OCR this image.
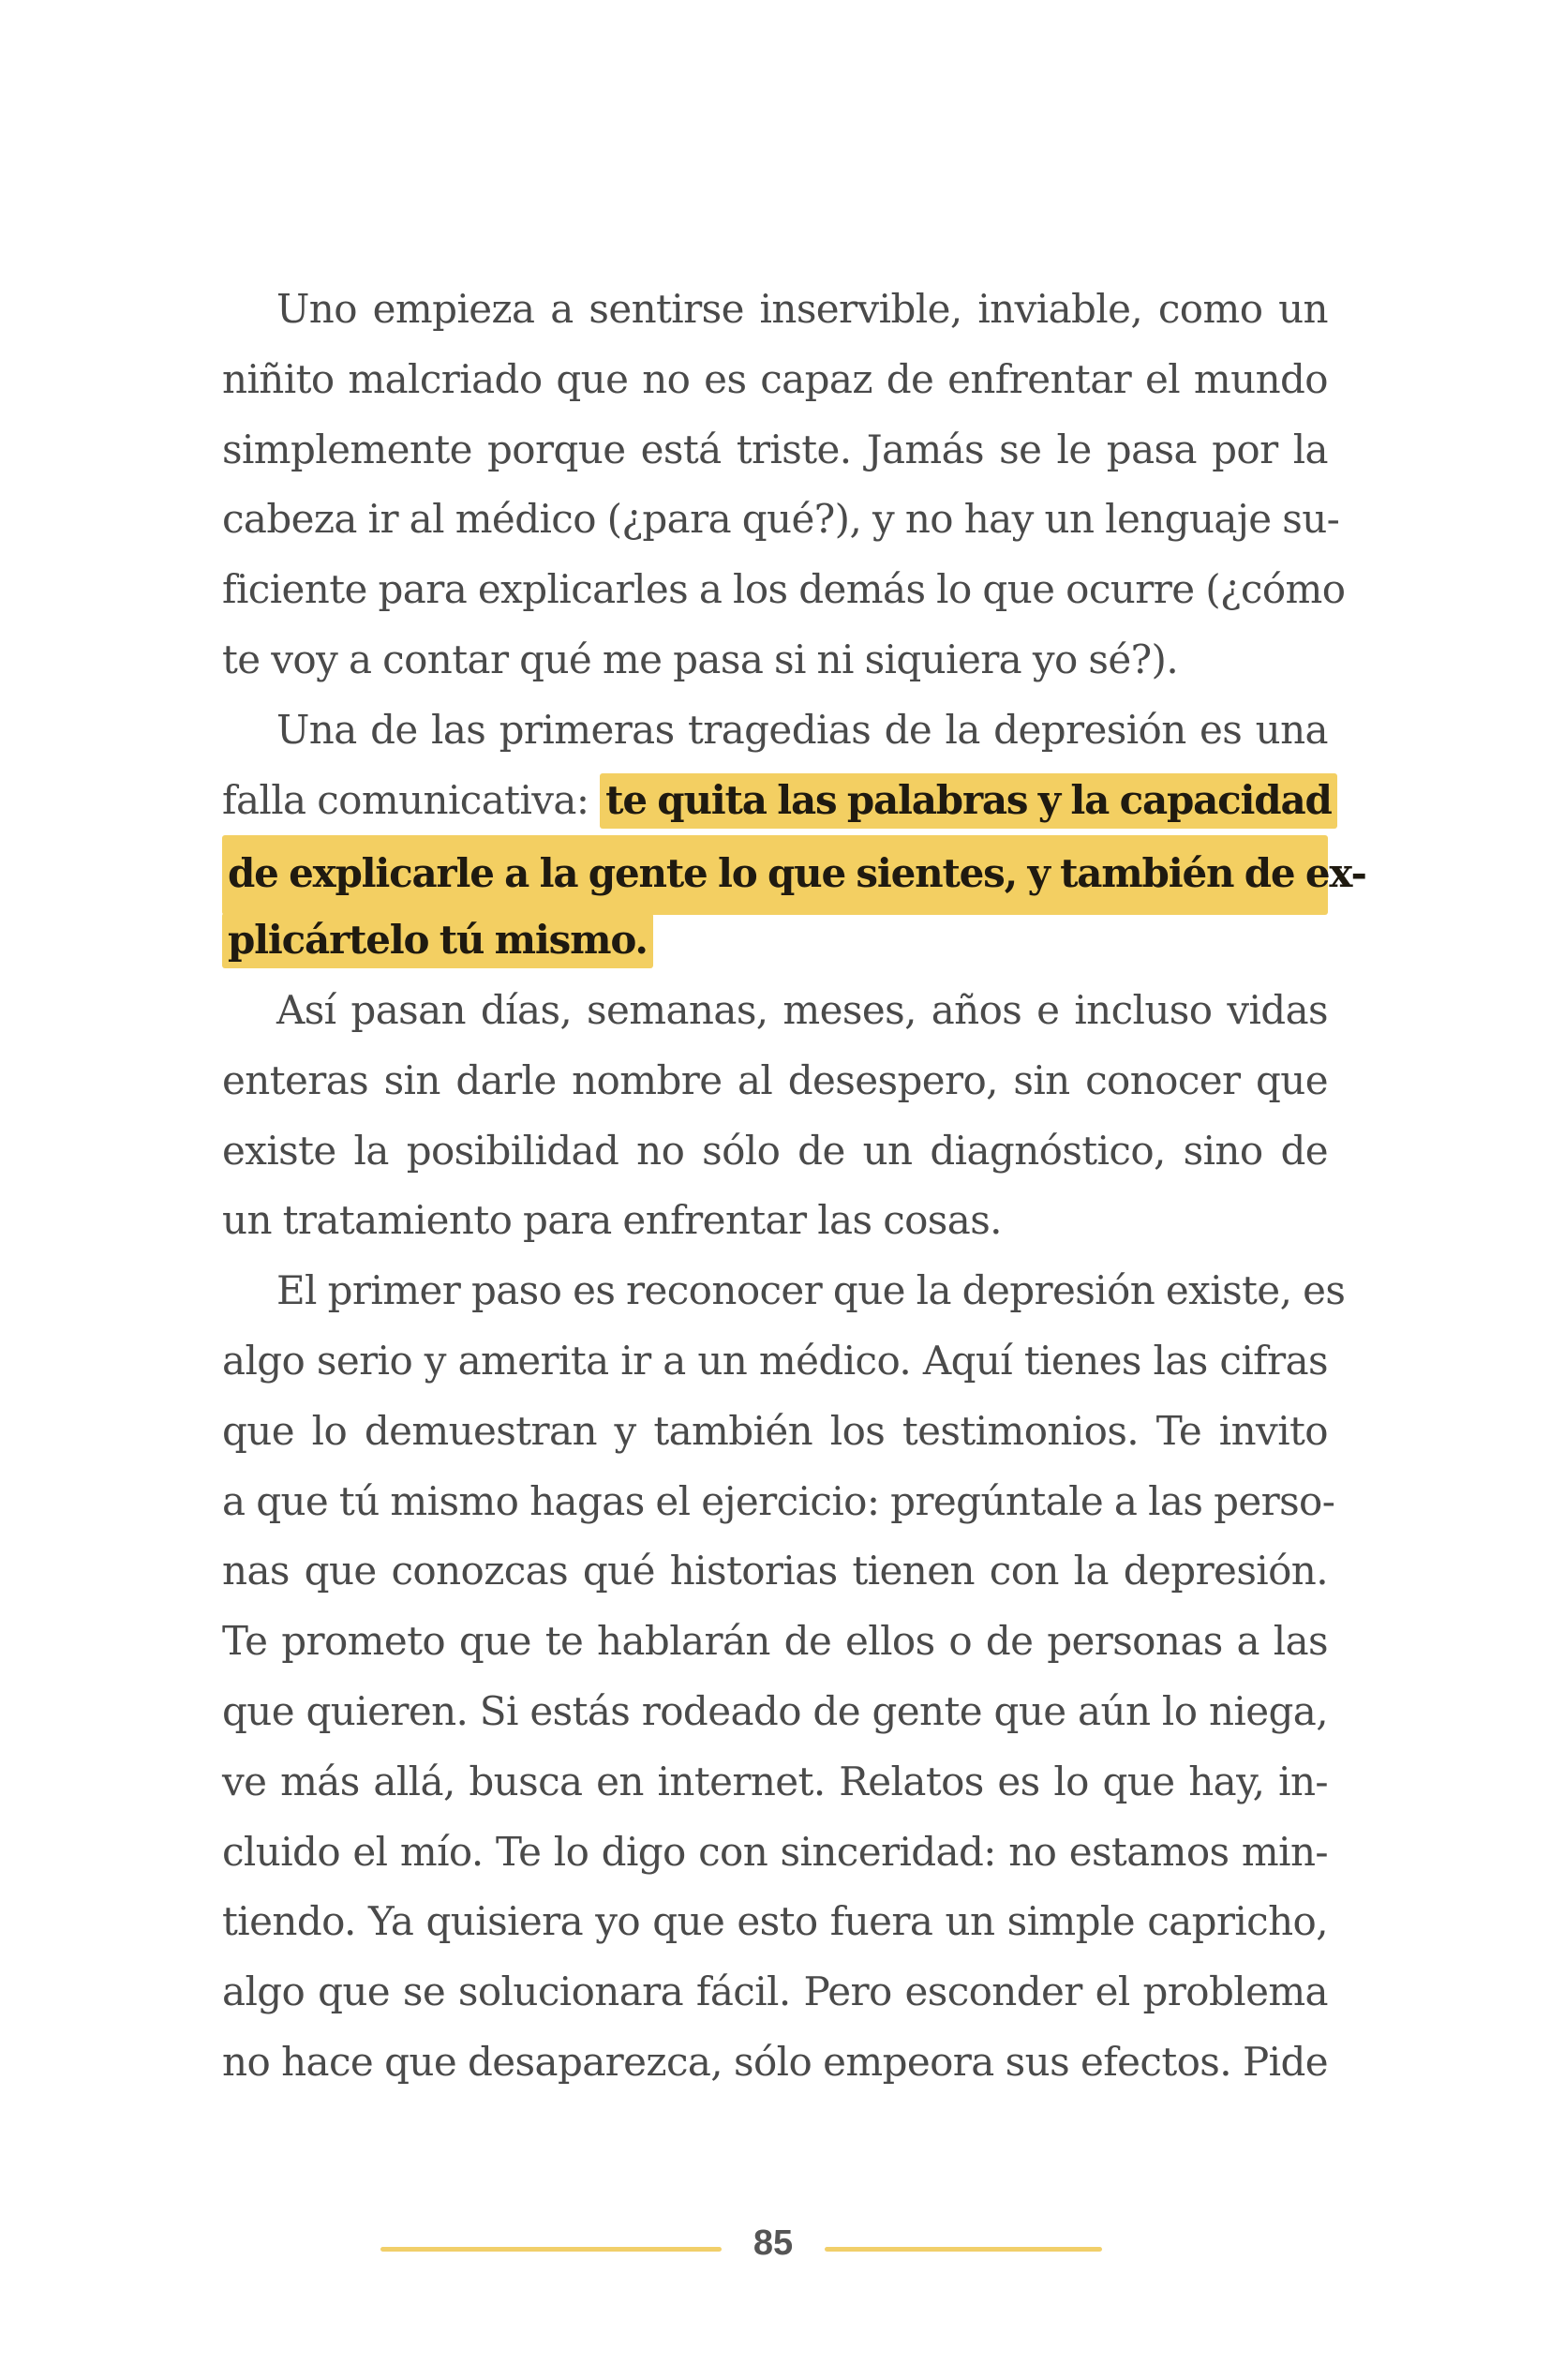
Uno empieza a sentirse inservible, inviable, como un
niñito malcriado que no es capaz de enfrentar el mundo
simplemente porque está triste. Jamás se le pasa por la
cabeza ir al médico (¿para qué?), y no hay un lenguaje su-
ficiente para explicarles a los demás lo que ocurre (¿cómo
te voy a contar qué me pasa si ni siquiera yo sé?).
Una de las primeras tragedias de la depresión es una
falla comunicativa: te quita las palabras y la capacidad
de explicarle a la gente lo que sientes, y también de ex-
plicártelo tú mismo.
Así pasan días, semanas, meses, años e incluso vidas
enteras sin darle nombre al desespero, sin conocer que
existe la posibilidad no sólo de un diagnóstico, sino de
un tratamiento para enfrentar las cosas.
El primer paso es reconocer que la depresión existe, es
algo serio y amerita ir a un médico. Aquí tienes las cifras
que lo demuestran y también los testimonios. Te invito
a que tú mismo hagas el ejercicio: pregúntale a las perso-
nas que conozcas qué historias tienen con la depresión.
Te prometo que te hablarán de ellos o de personas a las
que quieren. Si estás rodeado de gente que aún lo niega,
ve más allá, busca en internet. Relatos es lo que hay, in-
cluido el mío. Te lo digo con sinceridad: no estamos min-
tiendo. Ya quisiera yo que esto fuera un simple capricho,
algo que se solucionara fácil. Pero esconder el problema
no hace que desaparezca, sólo empeora sus efectos. Pide
85
